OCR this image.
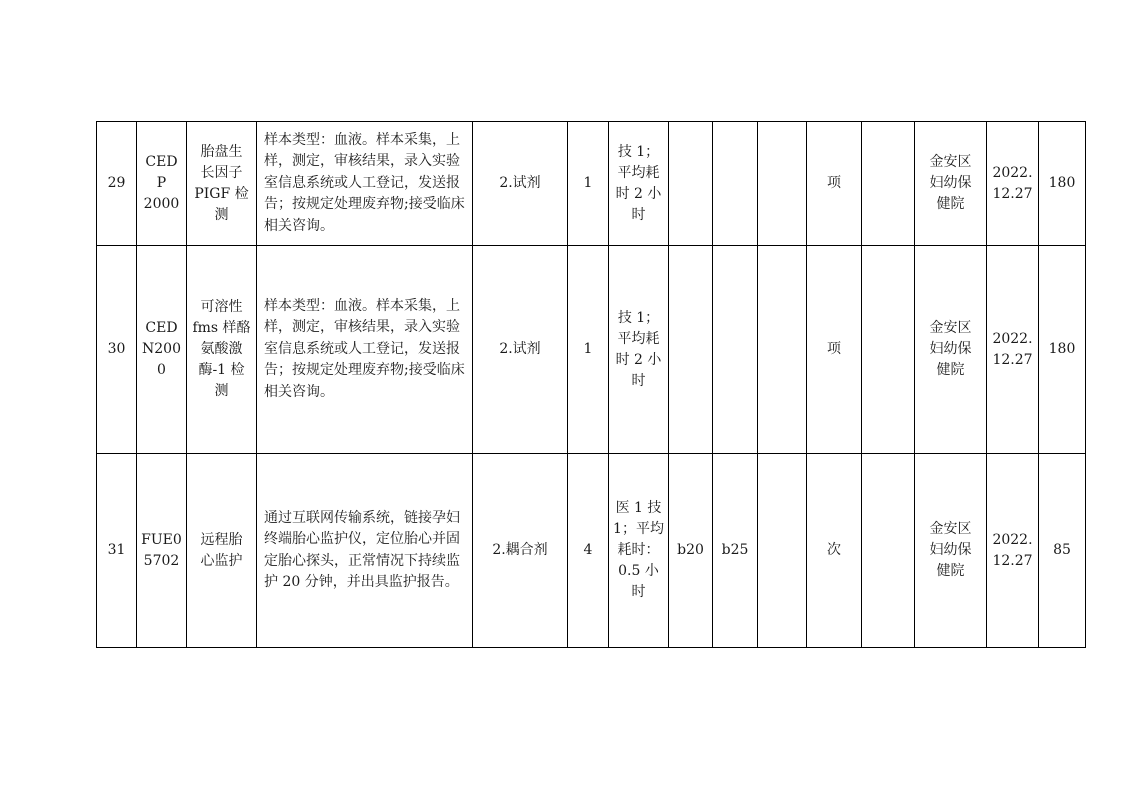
29	CEDP
2000	胎盘生
长因子
PIGF 检
测	样本类型：血液。样本采集，上样，测定，审核结果，录入实验室信息系统或人工登记，发送报告；按规定处理废弃物;接受临床相关咨询。	2.试剂	1	技 1；
平均耗
时 2 小
时				项		金安区
妇幼保
健院	2022.
12.27	180
30	CED
N200
0	可溶性
fms 样酪
氨酸激
酶-1 检
测	样本类型：血液。样本采集，上样，测定，审核结果，录入实验室信息系统或人工登记，发送报告；按规定处理废弃物;接受临床相关咨询。	2.试剂	1	技 1；
平均耗
时 2 小
时				项		金安区
妇幼保
健院	2022.
12.27	180
31	FUE0
5702	远程胎
心监护	通过互联网传输系统，链接孕妇终端胎心监护仪，定位胎心并固定胎心探头，正常情况下持续监护 20 分钟，并出具监护报告。	2.耦合剂	4	医 1 技
1；平均
耗时：
0.5 小
时	b20	b25		次		金安区
妇幼保
健院	2022.
12.27	85
